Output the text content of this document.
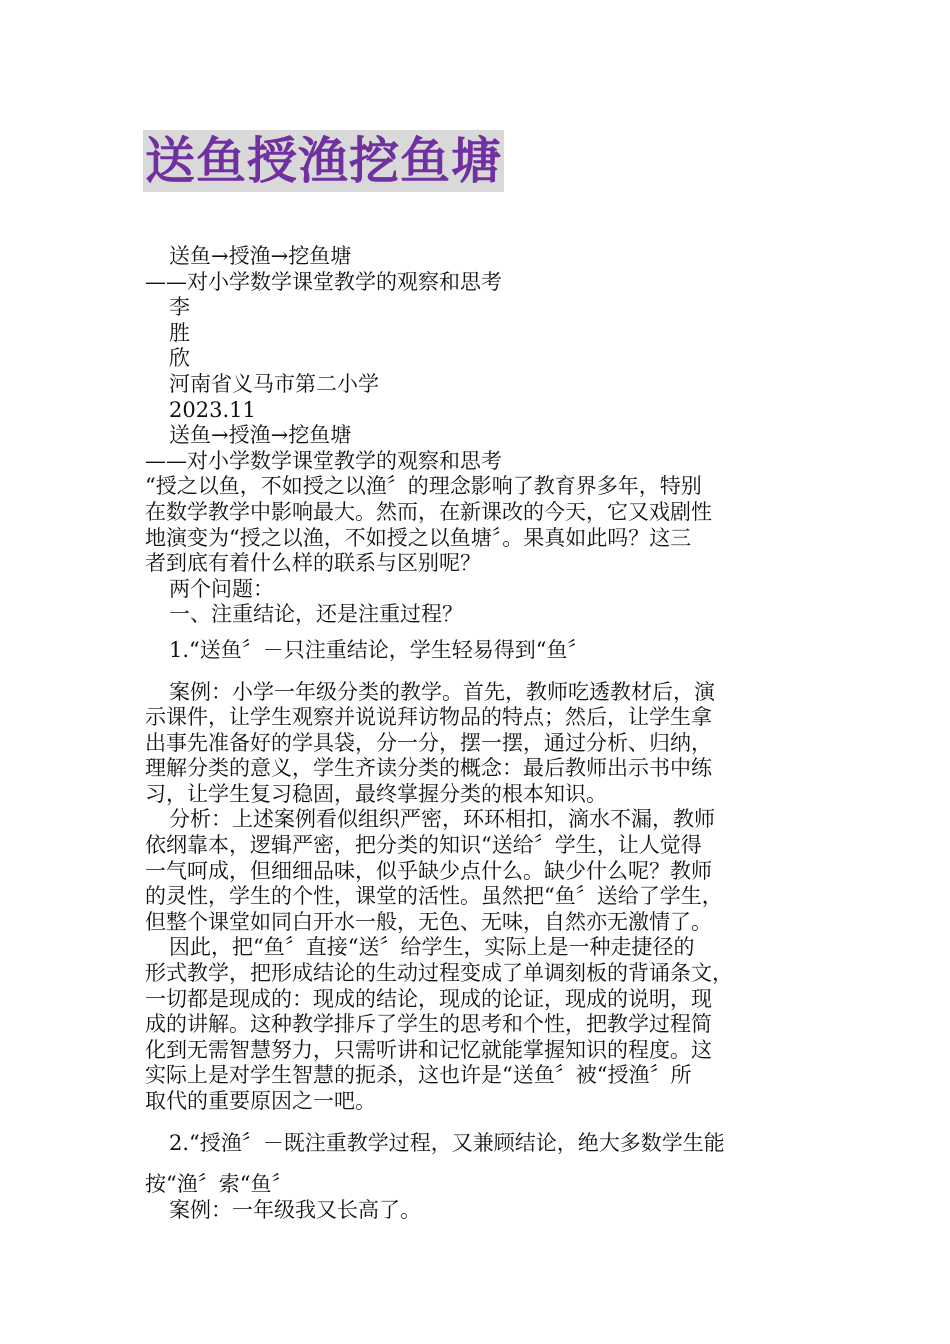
送鱼授渔挖鱼塘
送鱼→授渔→挖鱼塘
——对小学数学课堂教学的观察和思考
李
胜
欣
河南省义马市第二小学
2023.11
送鱼→授渔→挖鱼塘
——对小学数学课堂教学的观察和思考
“授之以鱼，不如授之以渔〞的理念影响了教育界多年，特别
在数学教学中影响最大。然而，在新课改的今天，它又戏剧性
地演变为“授之以渔，不如授之以鱼塘〞。果真如此吗？这三
者到底有着什么样的联系与区别呢？
两个问题：
一、注重结论，还是注重过程？
1.“送鱼〞－只注重结论，学生轻易得到“鱼〞
案例：小学一年级分类的教学。首先，教师吃透教材后，演
示课件，让学生观察并说说拜访物品的特点；然后，让学生拿
出事先准备好的学具袋，分一分，摆一摆，通过分析、归纳，
理解分类的意义，学生齐读分类的概念：最后教师出示书中练
习，让学生复习稳固，最终掌握分类的根本知识。
分析：上述案例看似组织严密，环环相扣，滴水不漏，教师
依纲靠本，逻辑严密，把分类的知识“送给〞学生，让人觉得
一气呵成，但细细品味，似乎缺少点什么。缺少什么呢？教师
的灵性，学生的个性，课堂的活性。虽然把“鱼〞送给了学生，
但整个课堂如同白开水一般，无色、无味，自然亦无激情了。
因此，把“鱼〞直接“送〞给学生，实际上是一种走捷径的
形式教学，把形成结论的生动过程变成了单调刻板的背诵条文，
一切都是现成的：现成的结论，现成的论证，现成的说明，现
成的讲解。这种教学排斥了学生的思考和个性，把教学过程简
化到无需智慧努力，只需听讲和记忆就能掌握知识的程度。这
实际上是对学生智慧的扼杀，这也许是“送鱼〞被“授渔〞所
取代的重要原因之一吧。
2.“授渔〞－既注重教学过程，又兼顾结论，绝大多数学生能
按“渔〞索“鱼〞
案例：一年级我又长高了。
